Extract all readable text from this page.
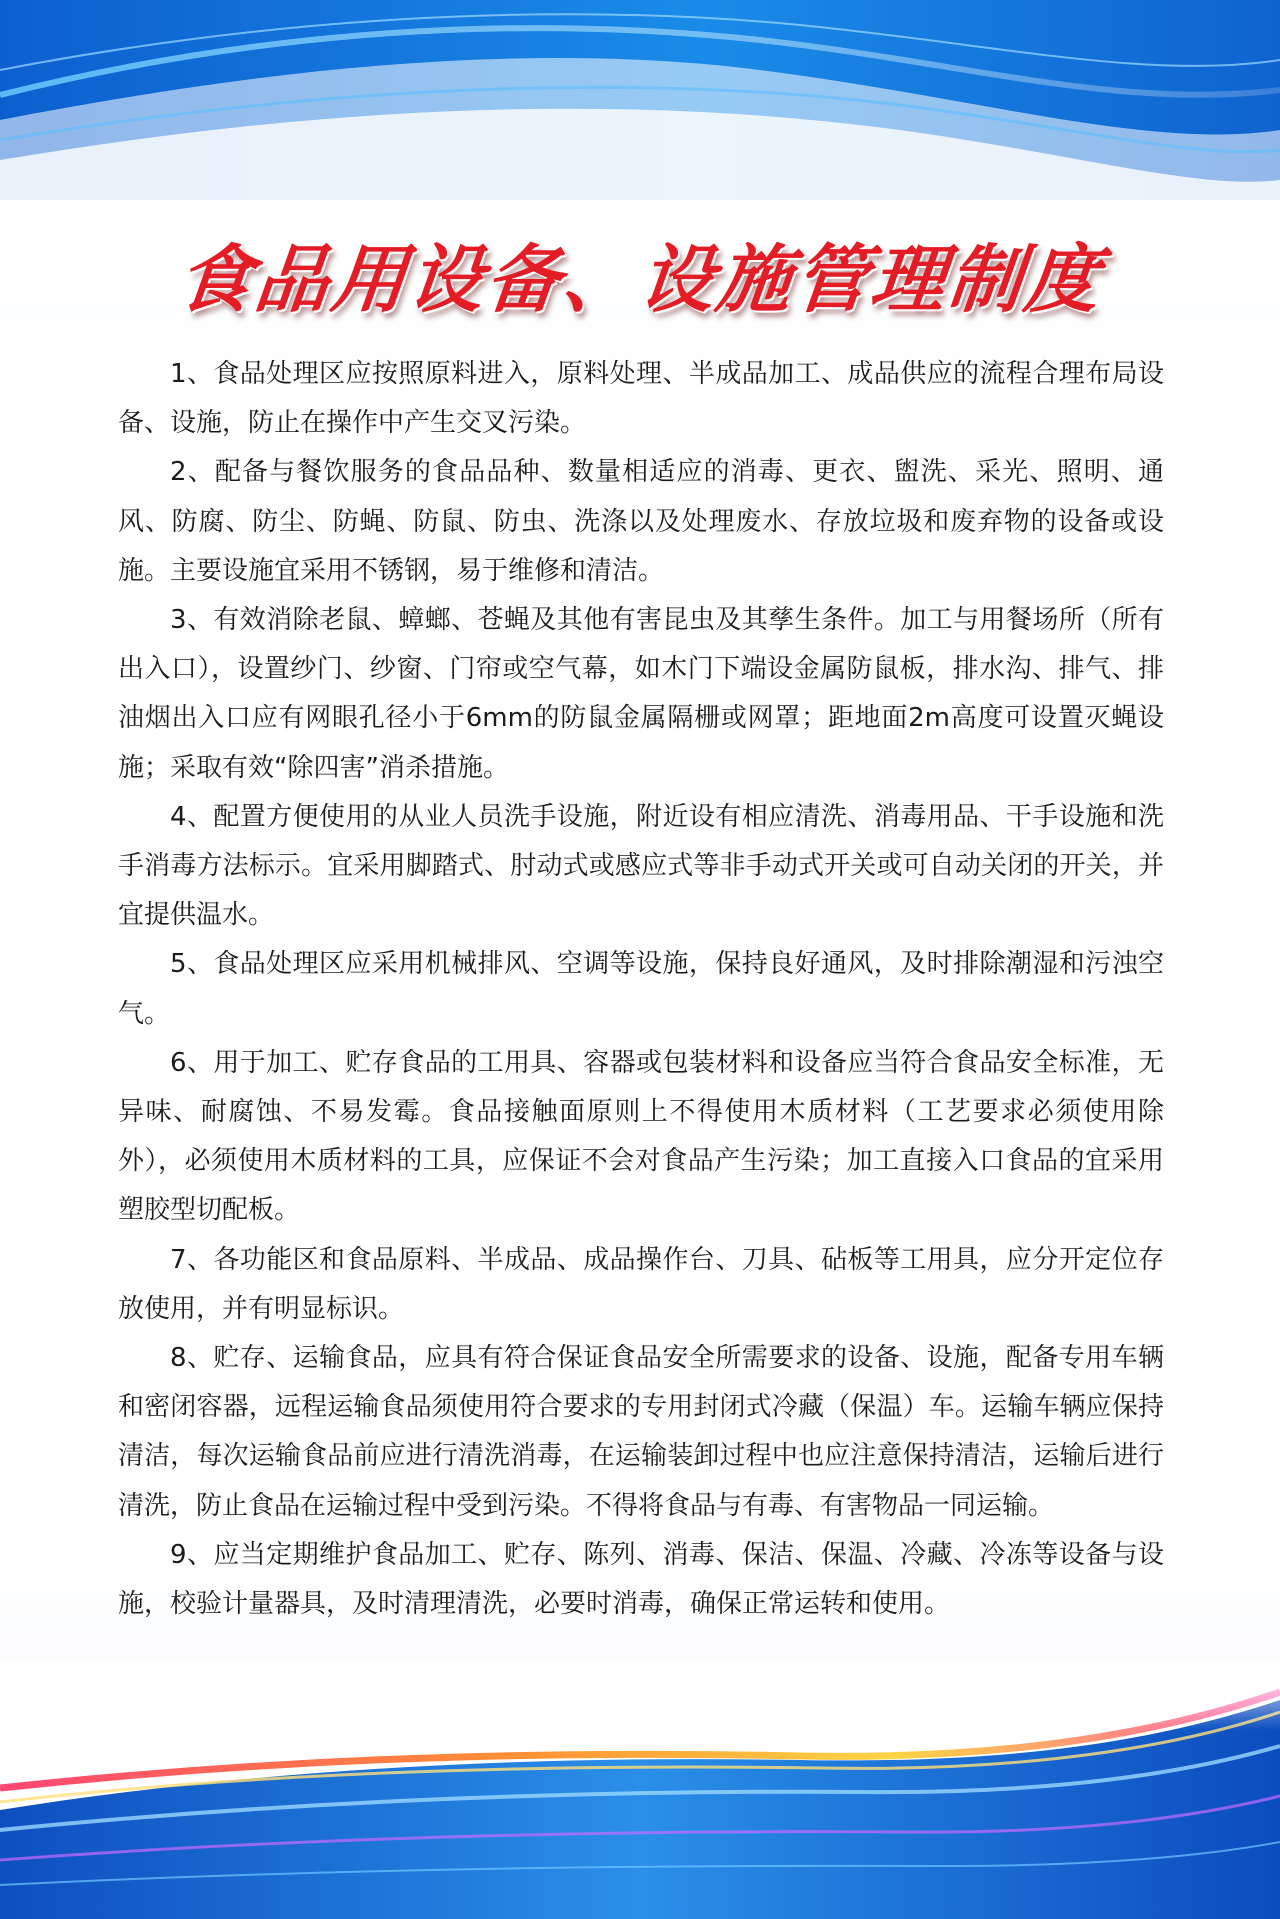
食品用设备、设施管理制度

1、食品处理区应按照原料进入，原料处理、半成品加工、成品供应的流程合理布局设备、设施，防止在操作中产生交叉污染。

2、配备与餐饮服务的食品品种、数量相适应的消毒、更衣、盥洗、采光、照明、通风、防腐、防尘、防蝇、防鼠、防虫、洗涤以及处理废水、存放垃圾和废弃物的设备或设施。主要设施宜采用不锈钢，易于维修和清洁。

3、有效消除老鼠、蟑螂、苍蝇及其他有害昆虫及其孳生条件。加工与用餐场所（所有出入口），设置纱门、纱窗、门帘或空气幕，如木门下端设金属防鼠板，排水沟、排气、排油烟出入口应有网眼孔径小于6mm的防鼠金属隔栅或网罩；距地面2m高度可设置灭蝇设施；采取有效“除四害”消杀措施。

4、配置方便使用的从业人员洗手设施，附近设有相应清洗、消毒用品、干手设施和洗手消毒方法标示。宜采用脚踏式、肘动式或感应式等非手动式开关或可自动关闭的开关，并宜提供温水。

5、食品处理区应采用机械排风、空调等设施，保持良好通风，及时排除潮湿和污浊空气。

6、用于加工、贮存食品的工用具、容器或包装材料和设备应当符合食品安全标准，无异味、耐腐蚀、不易发霉。食品接触面原则上不得使用木质材料（工艺要求必须使用除外），必须使用木质材料的工具，应保证不会对食品产生污染；加工直接入口食品的宜采用塑胶型切配板。

7、各功能区和食品原料、半成品、成品操作台、刀具、砧板等工用具，应分开定位存放使用，并有明显标识。

8、贮存、运输食品，应具有符合保证食品安全所需要求的设备、设施，配备专用车辆和密闭容器，远程运输食品须使用符合要求的专用封闭式冷藏（保温）车。运输车辆应保持清洁，每次运输食品前应进行清洗消毒，在运输装卸过程中也应注意保持清洁，运输后进行清洗，防止食品在运输过程中受到污染。不得将食品与有毒、有害物品一同运输。

9、应当定期维护食品加工、贮存、陈列、消毒、保洁、保温、冷藏、冷冻等设备与设施，校验计量器具，及时清理清洗，必要时消毒，确保正常运转和使用。
